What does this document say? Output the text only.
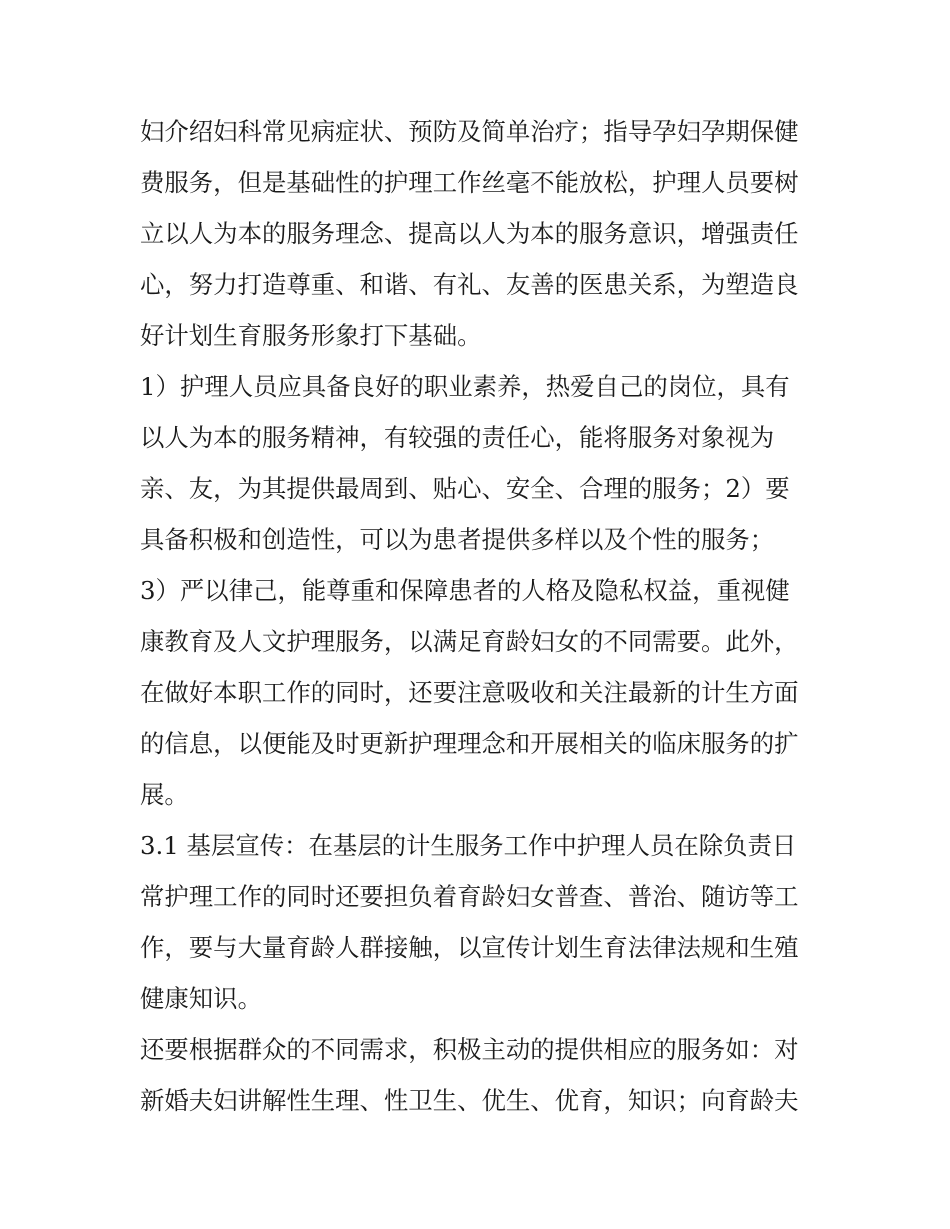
妇介绍妇科常见病症状、预防及简单治疗；指导孕妇孕期保健
费服务，但是基础性的护理工作丝毫不能放松，护理人员要树
立以人为本的服务理念、提高以人为本的服务意识，增强责任
心，努力打造尊重、和谐、有礼、友善的医患关系，为塑造良
好计划生育服务形象打下基础。
1）护理人员应具备良好的职业素养，热爱自己的岗位，具有
以人为本的服务精神，有较强的责任心，能将服务对象视为
亲、友，为其提供最周到、贴心、安全、合理的服务；2）要
具备积极和创造性，可以为患者提供多样以及个性的服务；
3）严以律己，能尊重和保障患者的人格及隐私权益，重视健
康教育及人文护理服务，以满足育龄妇女的不同需要。此外，
在做好本职工作的同时，还要注意吸收和关注最新的计生方面
的信息，以便能及时更新护理理念和开展相关的临床服务的扩
展。
3.1 基层宣传：在基层的计生服务工作中护理人员在除负责日
常护理工作的同时还要担负着育龄妇女普查、普治、随访等工
作，要与大量育龄人群接触，以宣传计划生育法律法规和生殖
健康知识。
还要根据群众的不同需求，积极主动的提供相应的服务如：对
新婚夫妇讲解性生理、性卫生、优生、优育，知识；向育龄夫
